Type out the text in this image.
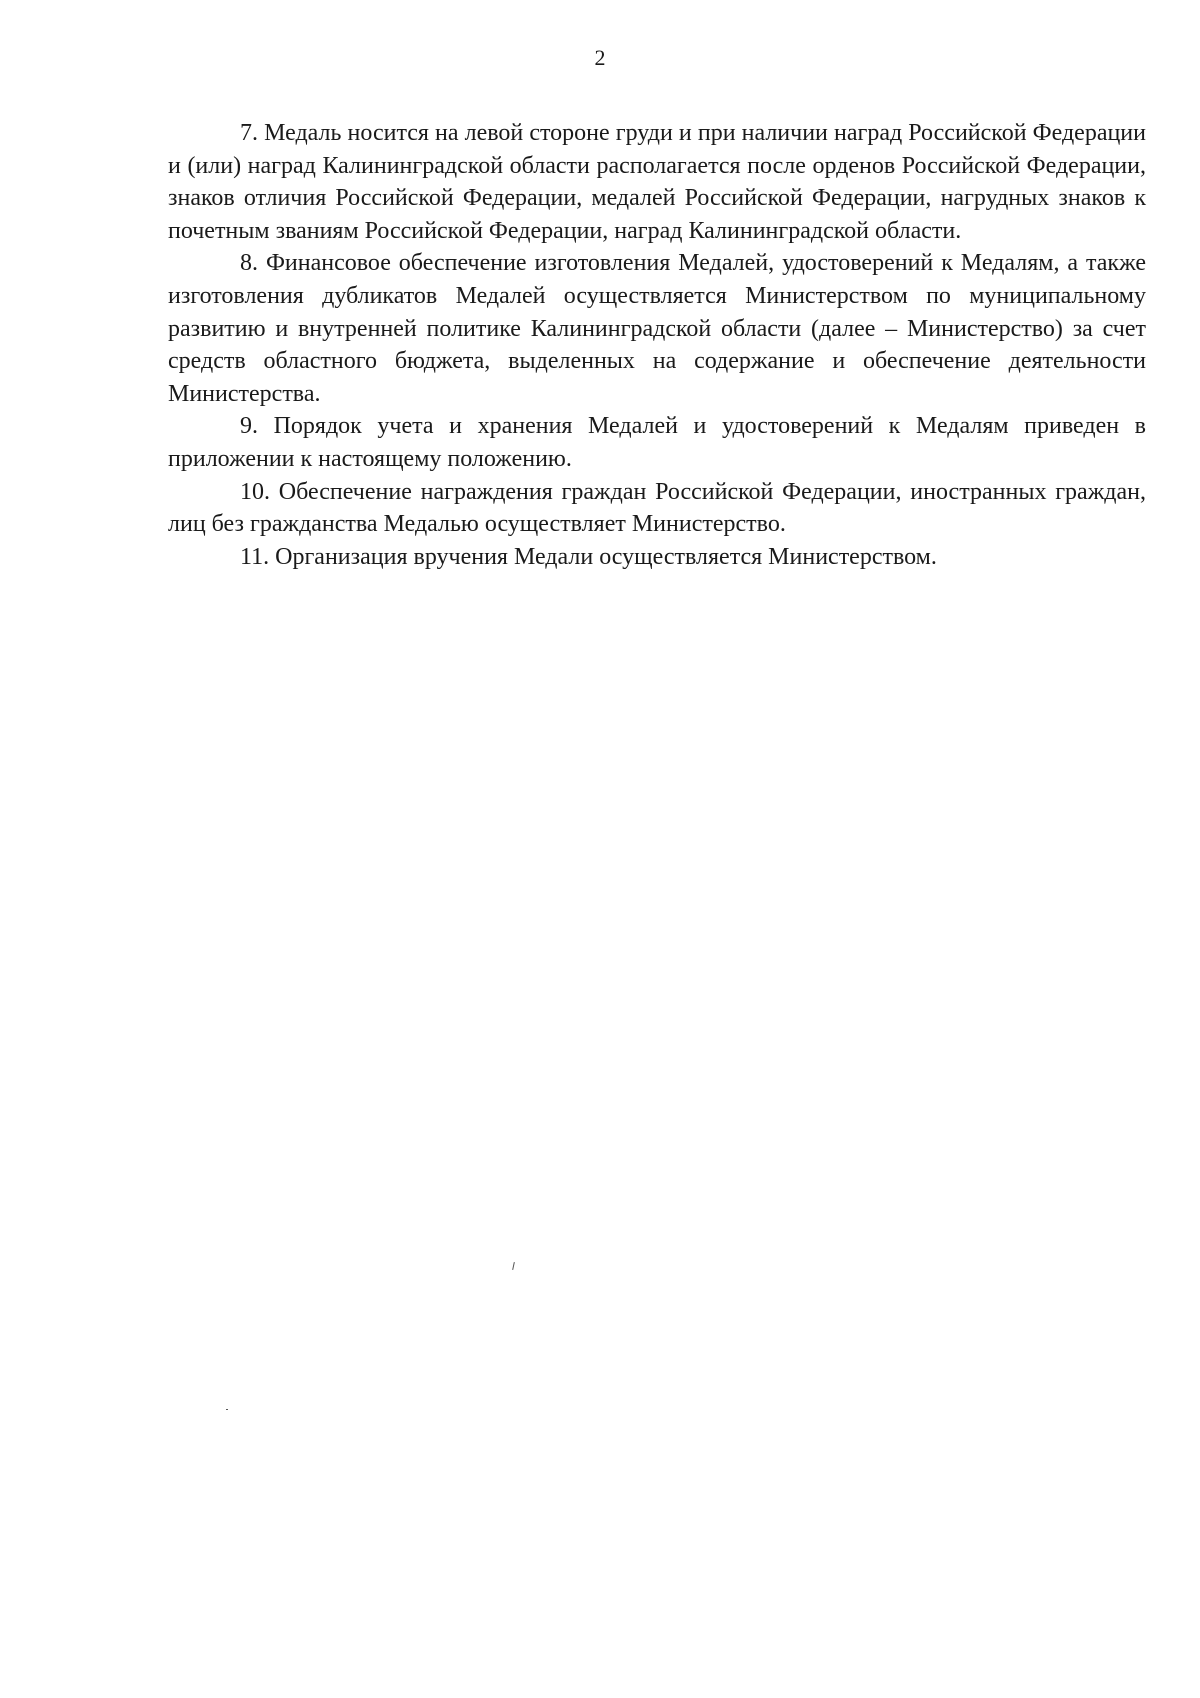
2

7. Медаль носится на левой стороне груди и при наличии наград Российской Федерации и (или) наград Калининградской области располагается после орденов Российской Федерации, знаков отличия Российской Федерации, медалей Российской Федерации, нагрудных знаков к почетным званиям Российской Федерации, наград Калининградской области.

8. Финансовое обеспечение изготовления Медалей, удостоверений к Медалям, а также изготовления дубликатов Медалей осуществляется Министерством по муниципальному развитию и внутренней политике Калининградской области (далее – Министерство) за счет средств областного бюджета, выделенных на содержание и обеспечение деятельности Министерства.

9. Порядок учета и хранения Медалей и удостоверений к Медалям приведен в приложении к настоящему положению.

10. Обеспечение награждения граждан Российской Федерации, иностранных граждан, лиц без гражданства Медалью осуществляет Министерство.

11. Организация вручения Медали осуществляется Министерством.
